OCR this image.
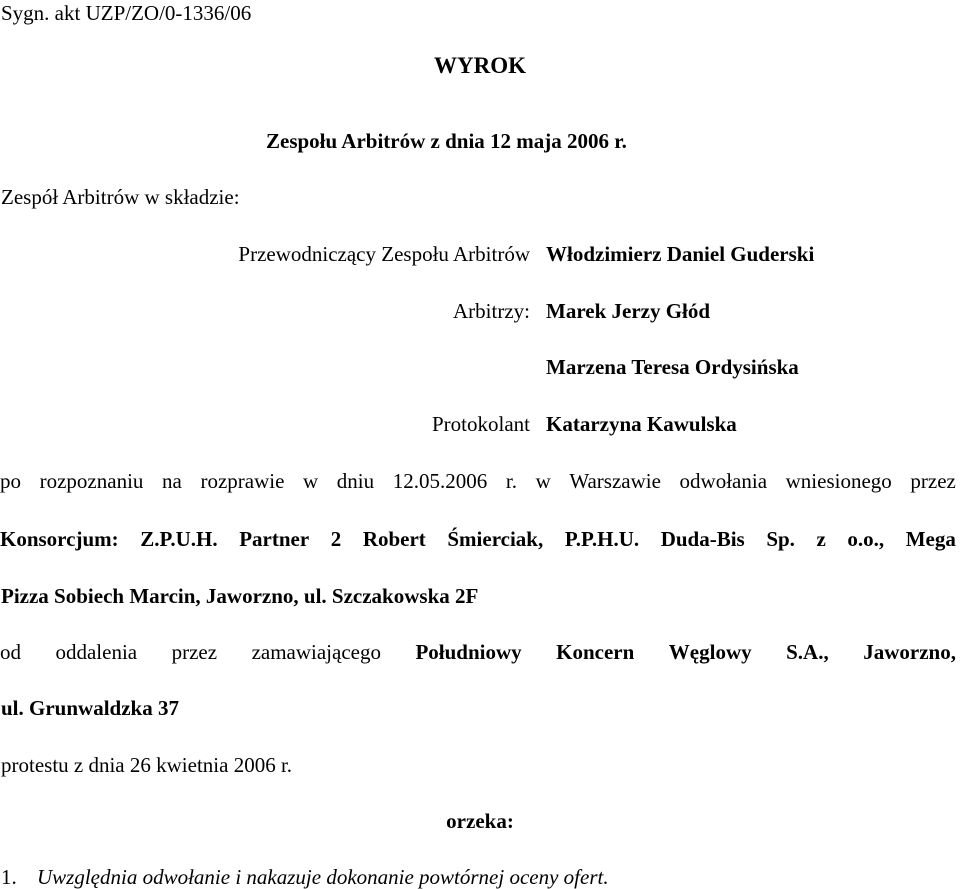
Sygn. akt UZP/ZO/0-1336/06
WYROK
Zespołu Arbitrów z dnia 12 maja 2006 r.
Zespół Arbitrów w składzie:
Przewodniczący Zespołu Arbitrów Włodzimierz Daniel Guderski
Arbitrzy: Marek Jerzy Głód
Marzena Teresa Ordysińska
Protokolant Katarzyna Kawulska
po rozpoznaniu na rozprawie w dniu 12.05.2006 r. w Warszawie odwołania wniesionego przez
Konsorcjum: Z.P.U.H. Partner 2 Robert Śmierciak, P.P.H.U. Duda-Bis Sp. z o.o., Mega
Pizza Sobiech Marcin, Jaworzno, ul. Szczakowska 2F
od oddalenia przez zamawiającego Południowy Koncern Węglowy S.A., Jaworzno,
ul. Grunwaldzka 37
protestu z dnia 26 kwietnia 2006 r.
orzeka:
1. Uwzględnia odwołanie i nakazuje dokonanie powtórnej oceny ofert.
